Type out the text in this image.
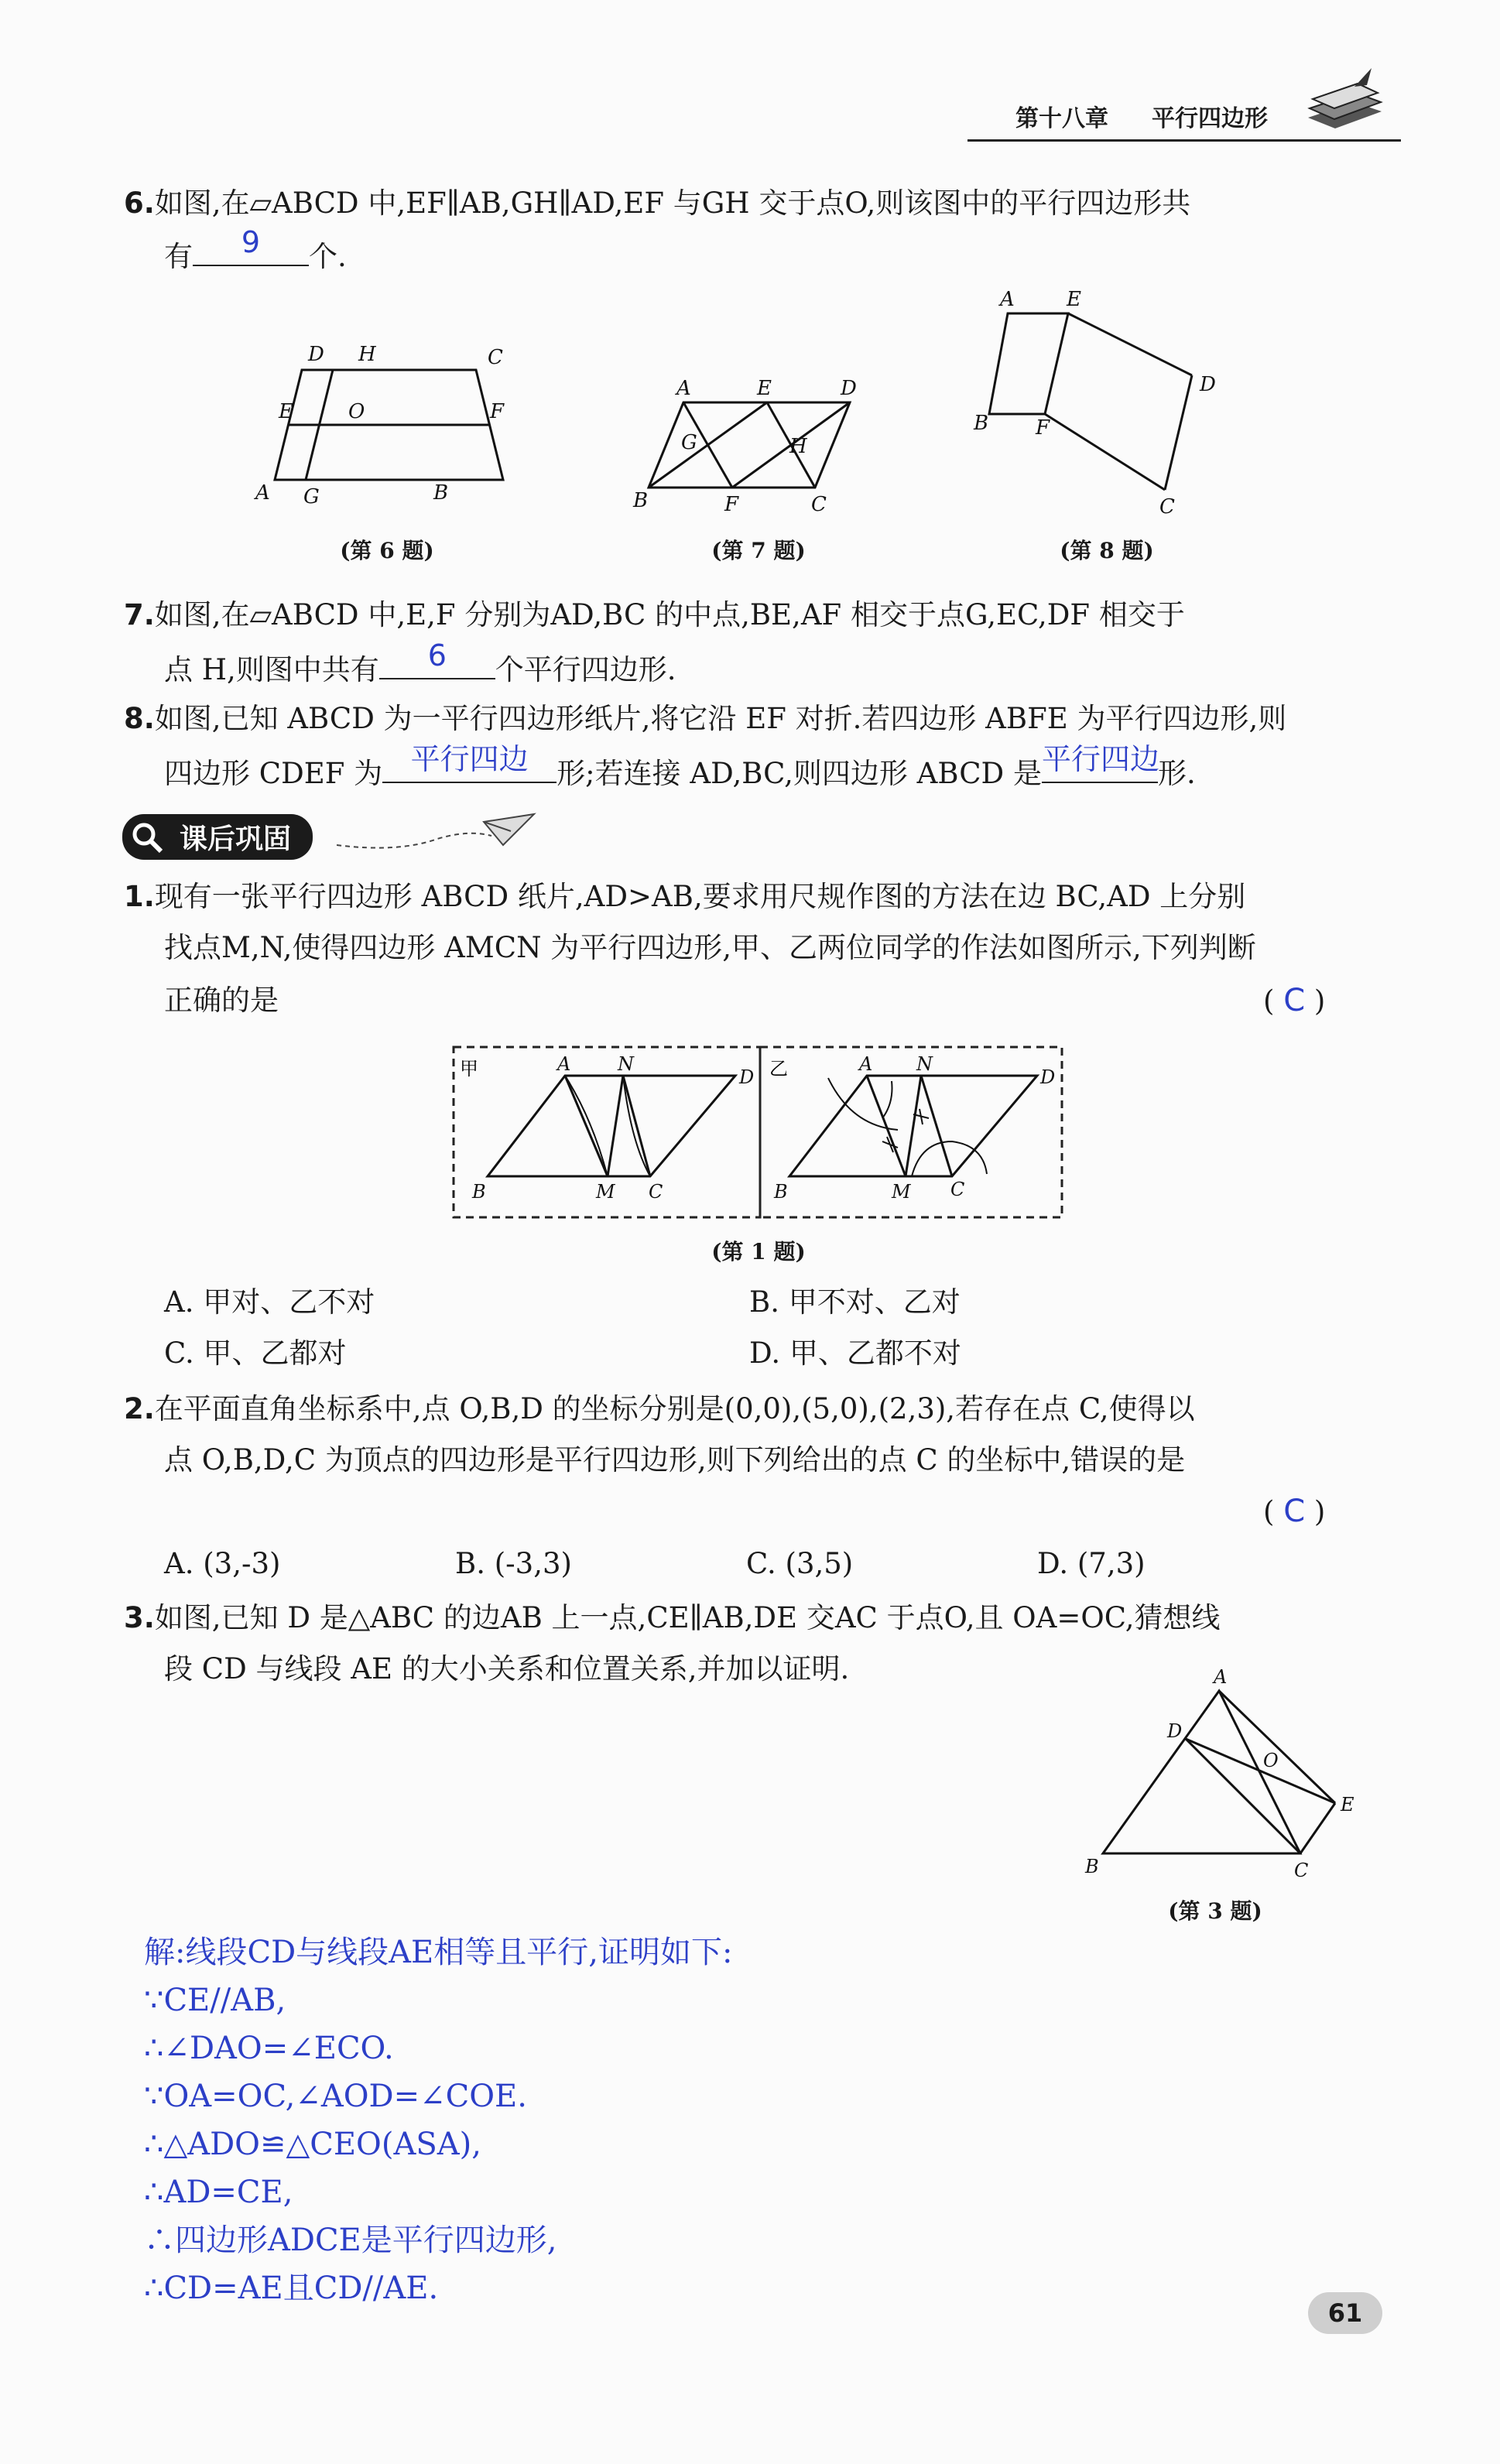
第十八章 平行四边形
6.如图,在▱ABCD 中,EF∥AB,GH∥AD,EF 与GH 交于点O,则该图中的平行四边形共
有	9	个.
A G	B
C
D H
E	F
O
(第 6 题)
A	E	D
B	F	C
G	H
(第 7 题)
A	E
D
B F
C
(第 8 题)
7.如图,在▱ABCD 中,E,F 分别为AD,BC 的中点,BE,AF 相交于点G,EC,DF 相交于
点 H,则图中共有	6	个平行四边形.
8.如图,已知 ABCD 为一平行四边形纸片,将它沿 EF 对折.若四边形 ABFE 为平行四边形,则
四边形 CDEF 为 平行四边 形;若连接 AD,BC,则四边形 ABCD 是 平行四边
形.
课后巩固
1.现有一张平行四边形 ABCD 纸片,AD>AB,要求用尺规作图的方法在边 BC,AD 上分别
找点M,N,使得四边形 AMCN 为平行四边形,甲、乙两位同学的作法如图所示,下列判断
正确的是	( C )
甲	乙
A	N
D
B	M C
A N
D
B	M C
(第 1 题)
A. 甲对、乙不对	B. 甲不对、乙对
C. 甲、乙都对	D. 甲、乙都不对
2.在平面直角坐标系中,点 O,B,D 的坐标分别是(0,0),(5,0),(2,3),若存在点 C,使得以
点 O,B,D,C 为顶点的四边形是平行四边形,则下列给出的点 C 的坐标中,错误的是
( C )
A. (3,-3)	B. (-3,3)	C. (3,5)	D. (7,3)
3.如图,已知 D 是△ABC 的边AB 上一点,CE∥AB,DE 交AC 于点O,且 OA=OC,猜想线
段 CD 与线段 AE 的大小关系和位置关系,并加以证明.	A
D
O
E
B	C
(第 3 题)
解:线段CD与线段AE相等且平行,证明如下:
∵CE//AB,
∴∠DAO=∠ECO.
∵OA=OC,∠AOD=∠COE.
∴△ADO≌△CEO(ASA),
∴AD=CE,
∴四边形ADCE是平行四边形,
∴CD=AE且CD//AE.
61
